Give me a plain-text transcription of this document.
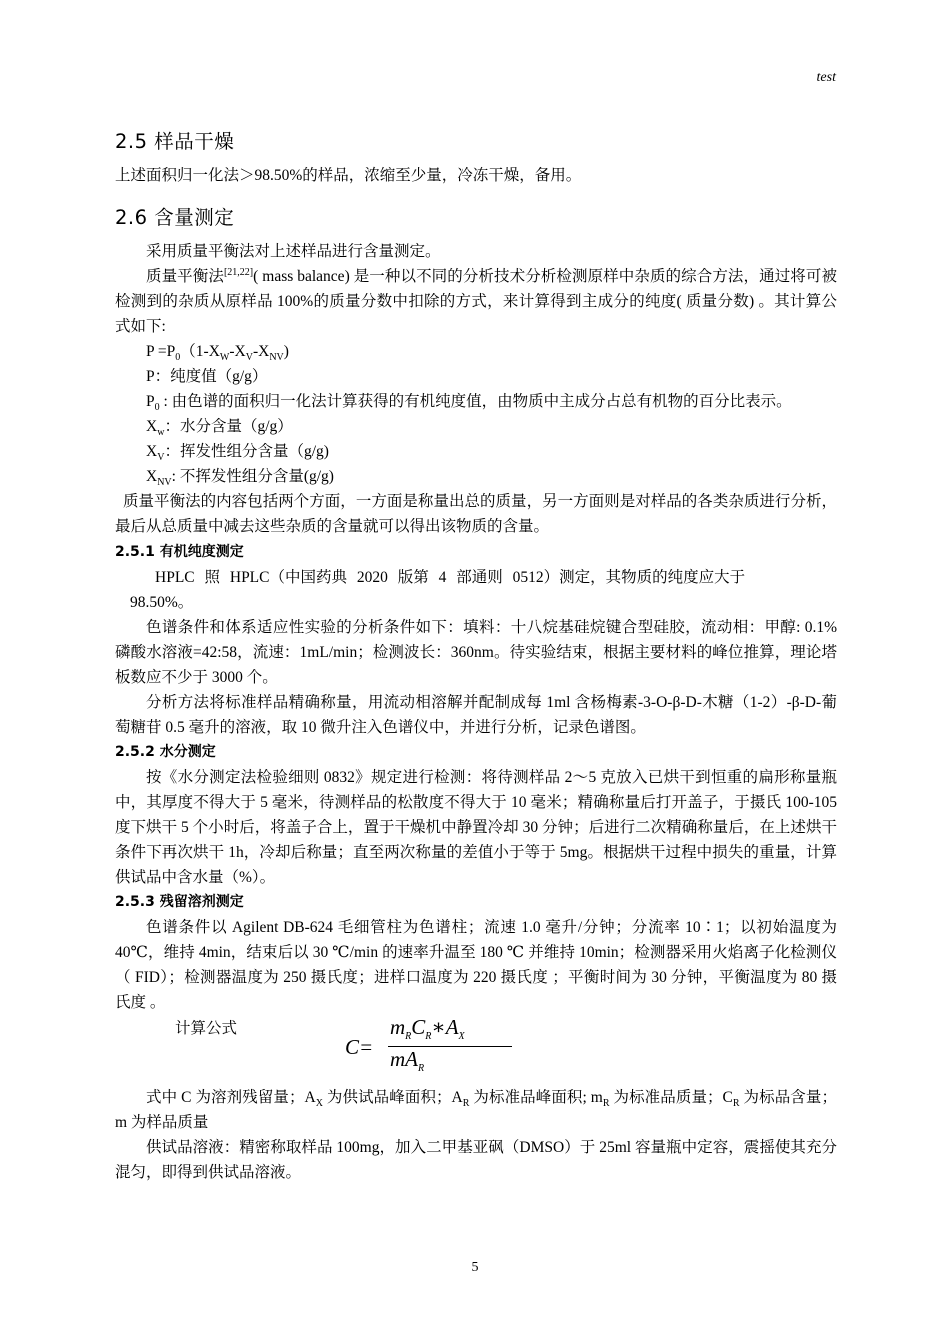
test
2.5 样品干燥
上述面积归一化法＞98.50%的样品，浓缩至少量，冷冻干燥，备用。
2.6 含量测定
采用质量平衡法对上述样品进行含量测定。
质量平衡法[21,22]( mass balance) 是一种以不同的分析技术分析检测原样中杂质的综合方法，通过将可被检测到的杂质从原样品 100%的质量分数中扣除的方式，来计算得到主成分的纯度( 质量分数) 。其计算公式如下:
$P =P_0(1-X_W-X_V-X_{NV})$
P：纯度值（g/g）
$P_0$ : 由色谱的面积归一化法计算获得的有机纯度值，由物质中主成分占总有机物的百分比表示。
$X_w$：水分含量（g/g）
$X_V$：挥发性组分含量（g/g)
$X_{NV}$: 不挥发性组分含量(g/g)
质量平衡法的内容包括两个方面，一方面是称量出总的质量，另一方面则是对样品的各类杂质进行分析，最后从总质量中减去这些杂质的含量就可以得出该物质的含量。
2.5.1 有机纯度测定
HPLC 照 HPLC（中国药典 2020 版第 4 部通则 0512）测定，其物质的纯度应大于
98.50%。
色谱条件和体系适应性实验的分析条件如下：填料：十八烷基硅烷键合型硅胶，流动相：甲醇: 0.1%磷酸水溶液=42:58，流速：1mL/min；检测波长：360nm。待实验结束，根据主要材料的峰位推算，理论塔板数应不少于 3000 个。
分析方法将标准样品精确称量，用流动相溶解并配制成每 1ml 含杨梅素-3-O-β-D-木糖（1-2）-β-D-葡萄糖苷 0.5 毫升的溶液，取 10 微升注入色谱仪中，并进行分析，记录色谱图。
2.5.2 水分测定
按《水分测定法检验细则 0832》规定进行检测：将待测样品 2～5 克放入已烘干到恒重的扁形称量瓶中，其厚度不得大于 5 毫米，待测样品的松散度不得大于 10 毫米；精确称量后打开盖子，于摄氏 100-105 度下烘干 5 个小时后，将盖子合上，置于干燥机中静置冷却 30 分钟；后进行二次精确称量后，在上述烘干条件下再次烘干 1h，冷却后称量；直至两次称量的差值小于等于 5mg。根据烘干过程中损失的重量，计算供试品中含水量（%）。
2.5.3 残留溶剂测定
色谱条件以 Agilent DB-624 毛细管柱为色谱柱；流速 1.0 毫升/分钟；分流率 10∶1；以初始温度为 40℃，维持 4min，结束后以 30 ℃/min 的速率升温至 180 ℃ 并维持 10min；检测器采用火焰离子化检测仪（ FID）；检测器温度为 250 摄氏度；进样口温度为 220 摄氏度 ；平衡时间为 30 分钟，平衡温度为 80 摄氏度 。
计算公式
C=
$m_RC_R∗A_X$
$mA_R$
式中 C 为溶剂残留量；$A_X$ 为供试品峰面积；$A_R$ 为标准品峰面积; $m_R$ 为标准品质量；$C_R$ 为标品含量；m 为样品质量
供试品溶液：精密称取样品 100mg，加入二甲基亚砜（DMSO）于 25ml 容量瓶中定容，震摇使其充分混匀，即得到供试品溶液。
5
